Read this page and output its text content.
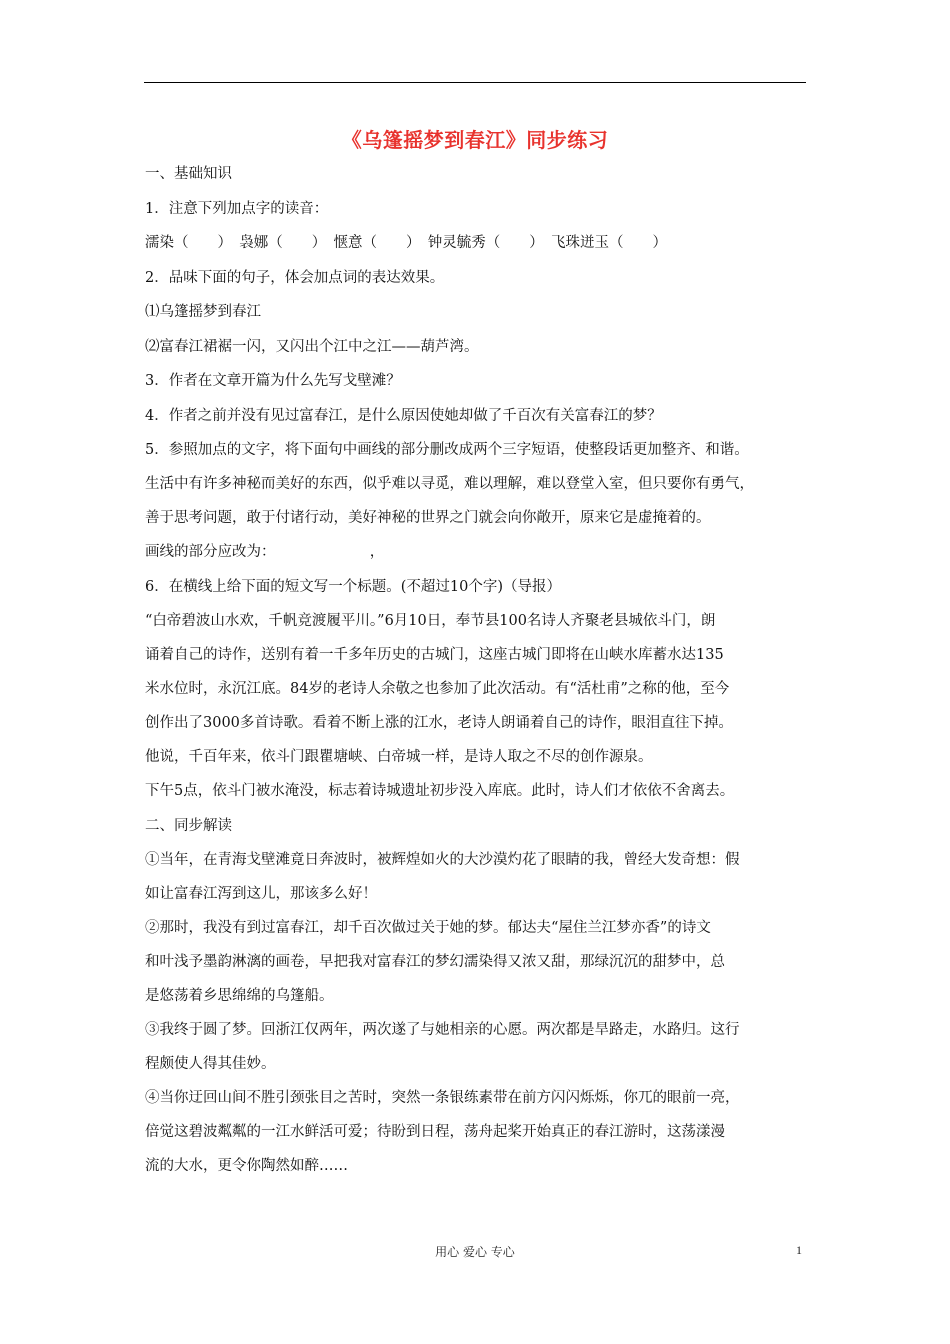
《乌篷摇梦到春江》同步练习

一、基础知识

1．注意下列加点字的读音：

濡染（　　）　袅娜（　　）　惬意（　　）　钟灵毓秀（　　）　飞珠迸玉（　　）

2．品味下面的句子，体会加点词的表达效果。

⑴乌篷摇梦到春江

⑵富春江裙裾一闪，又闪出个江中之江——葫芦湾。

3．作者在文章开篇为什么先写戈壁滩？

4．作者之前并没有见过富春江，是什么原因使她却做了千百次有关富春江的梦？

5．参照加点的文字，将下面句中画线的部分删改成两个三字短语，使整段话更加整齐、和谐。

生活中有许多神秘而美好的东西，似乎难以寻觅，难以理解，难以登堂入室，但只要你有勇气，

善于思考问题，敢于付诸行动，美好神秘的世界之门就会向你敞开，原来它是虚掩着的。

画线的部分应改为：　　　　　　　，

6．在横线上给下面的短文写一个标题。(不超过10个字)（导报）

“白帝碧波山水欢，千帆竞渡履平川。”6月10日，奉节县100名诗人齐聚老县城依斗门，朗

诵着自己的诗作，送别有着一千多年历史的古城门，这座古城门即将在山峡水库蓄水达135

米水位时，永沉江底。84岁的老诗人余敬之也参加了此次活动。有“活杜甫”之称的他，至今

创作出了3000多首诗歌。看着不断上涨的江水，老诗人朗诵着自己的诗作，眼泪直往下掉。

他说，千百年来，依斗门跟瞿塘峡、白帝城一样，是诗人取之不尽的创作源泉。

下午5点，依斗门被水淹没，标志着诗城遗址初步没入库底。此时，诗人们才依依不舍离去。

二、同步解读

①当年，在青海戈壁滩竟日奔波时，被辉煌如火的大沙漠灼花了眼睛的我，曾经大发奇想：假

如让富春江泻到这儿，那该多么好！

②那时，我没有到过富春江，却千百次做过关于她的梦。郁达夫“屋住兰江梦亦香”的诗文

和叶浅予墨韵淋漓的画卷，早把我对富春江的梦幻濡染得又浓又甜，那绿沉沉的甜梦中，总

是悠荡着乡思绵绵的乌篷船。

③我终于圆了梦。回浙江仅两年，两次遂了与她相亲的心愿。两次都是旱路走，水路归。这行

程颇使人得其佳妙。

④当你迂回山间不胜引颈张目之苦时，突然一条银练素带在前方闪闪烁烁，你兀的眼前一亮，

倍觉这碧波粼粼的一江水鲜活可爱；待盼到日程，荡舟起桨开始真正的春江游时，这荡漾漫

流的大水，更令你陶然如醉……

用心 爱心 专心	1
